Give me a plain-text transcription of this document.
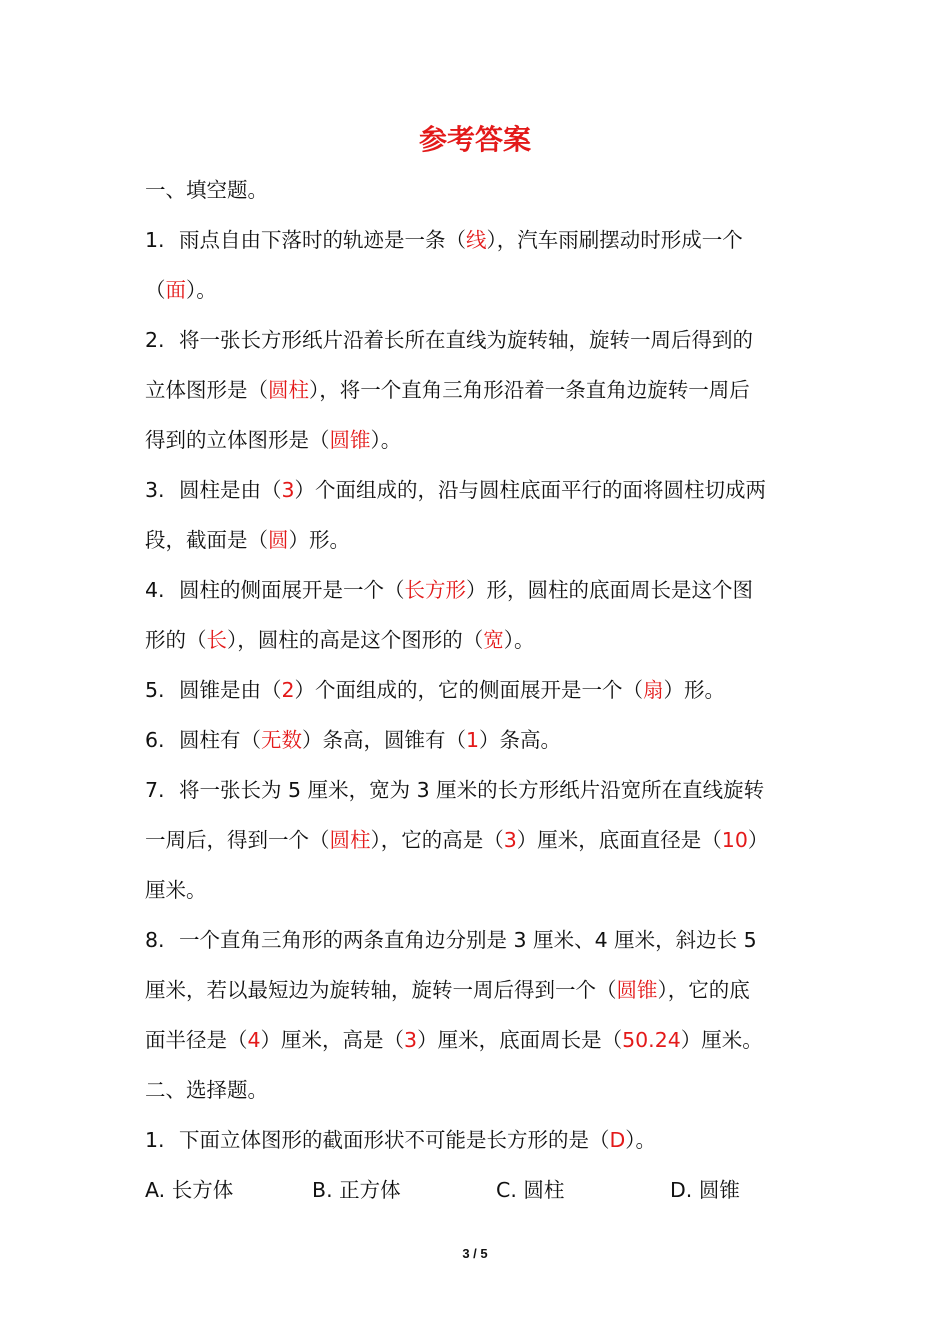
参考答案
一、填空题。
1. 雨点自由下落时的轨迹是一条（线），汽车雨刷摆动时形成一个
（面）。
2. 将一张长方形纸片沿着长所在直线为旋转轴，旋转一周后得到的
立体图形是（圆柱），将一个直角三角形沿着一条直角边旋转一周后
得到的立体图形是（圆锥）。
3. 圆柱是由（3）个面组成的，沿与圆柱底面平行的面将圆柱切成两
段，截面是（圆）形。
4. 圆柱的侧面展开是一个（长方形）形，圆柱的底面周长是这个图
形的（长），圆柱的高是这个图形的（宽）。
5. 圆锥是由（2）个面组成的，它的侧面展开是一个（扇）形。
6. 圆柱有（无数）条高，圆锥有（1）条高。
7. 将一张长为 5 厘米，宽为 3 厘米的长方形纸片沿宽所在直线旋转
一周后，得到一个（圆柱），它的高是（3）厘米，底面直径是（10）
厘米。
8. 一个直角三角形的两条直角边分别是 3 厘米、4 厘米，斜边长 5
厘米，若以最短边为旋转轴，旋转一周后得到一个（圆锥），它的底
面半径是（4）厘米，高是（3）厘米，底面周长是（50.24）厘米。
二、选择题。
1. 下面立体图形的截面形状不可能是长方形的是（D）。
A. 长方体	B. 正方体	C. 圆柱	D. 圆锥
3 / 5
